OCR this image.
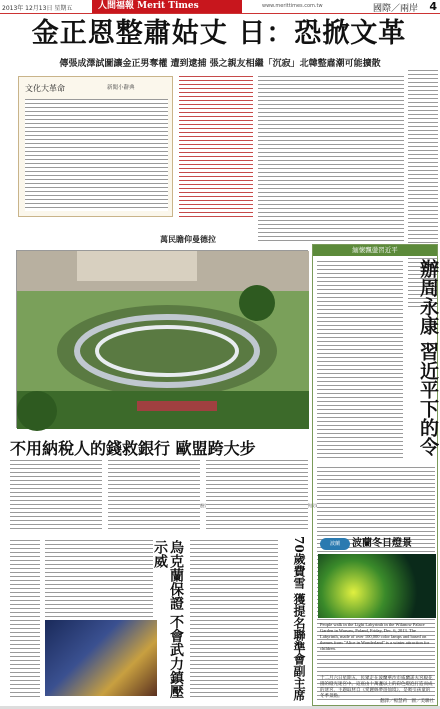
2013年 12月13日 星期五	人間福報 Merit Times	www.merittimes.com.tw	國際／兩岸 4
金正恩整肅姑丈 日：恐掀文革
傳張成澤試圖讓金正男奪權 遭到逮捕 張之親友相繼「沉寂」北韓整肅潮可能擴散
文化大革命	新聞小辭典
萬民瞻仰曼德拉
緬懷飄盪習近平
辦周永康 習近平下的令
不用納稅人的錢救銀行 歐盟跨大步
烏克蘭保證 不會武力鎮壓示威	70歲費雪 獲提名聯準會副主席	波蘭	波蘭冬日燈景
People walk in the Light Labyrinth in the Wilanow Palace Garden in Warsaw, Poland, Friday, Dec. 6, 2013. The Labyrinth, made of over 100,000 color lamps and based on themes from "Alice in Wonderland" is a winter attraction for children.
十二月六日星期五，民眾走在波蘭華沙市威蘭諾夫宮殿花園的燈光迷宮中。這座由十萬盞以上的彩色燈泡打造而成的迷宮，主題取材自《愛麗絲夢遊仙境》，是吸引孩童的冬季景點。
翻譯／楊慧莉　圖／美聯社
